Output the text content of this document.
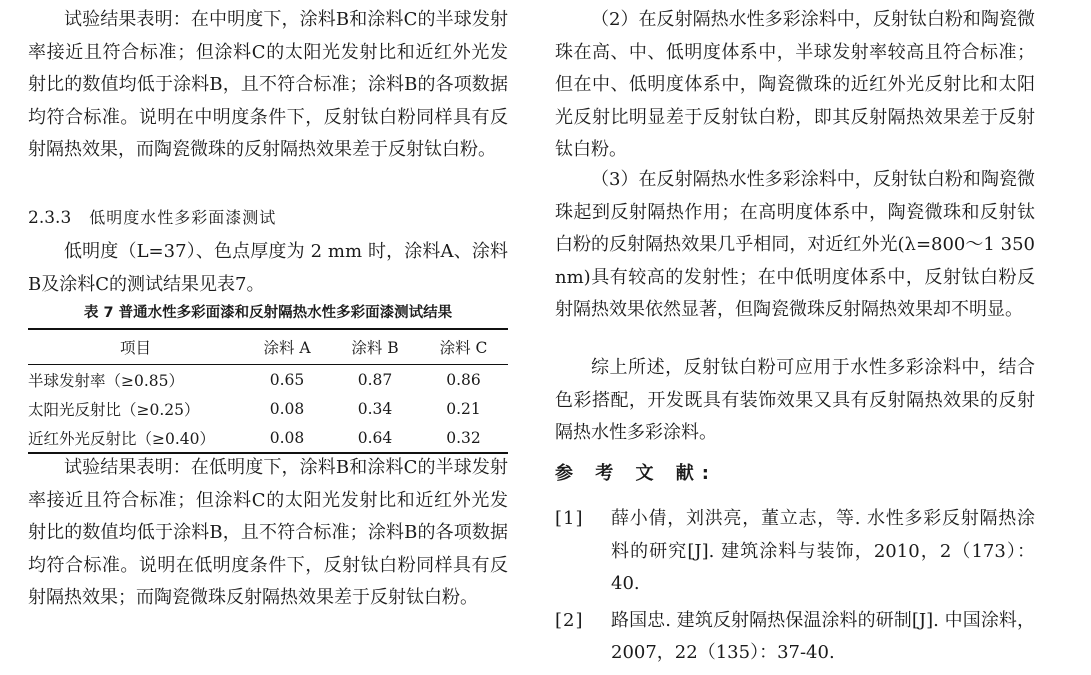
试验结果表明：在中明度下，涂料B和涂料C的半球发射率接近且符合标准；但涂料C的太阳光发射比和近红外光发射比的数值均低于涂料B，且不符合标准；涂料B的各项数据均符合标准。说明在中明度条件下，反射钛白粉同样具有反射隔热效果，而陶瓷微珠的反射隔热效果差于反射钛白粉。

2.3.3 低明度水性多彩面漆测试

低明度（L=37）、色点厚度为 2 mm 时，涂料A、涂料B及涂料C的测试结果见表7。

表 7 普通水性多彩面漆和反射隔热水性多彩面漆测试结果
项目	涂料 A	涂料 B	涂料 C
半球发射率（≥0.85）	0.65	0.87	0.86
太阳光反射比（≥0.25）	0.08	0.34	0.21
近红外光反射比（≥0.40）	0.08	0.64	0.32

试验结果表明：在低明度下，涂料B和涂料C的半球发射率接近且符合标准；但涂料C的太阳光发射比和近红外光发射比的数值均低于涂料B，且不符合标准；涂料B的各项数据均符合标准。说明在低明度条件下，反射钛白粉同样具有反射隔热效果；而陶瓷微珠反射隔热效果差于反射钛白粉。

（2）在反射隔热水性多彩涂料中，反射钛白粉和陶瓷微珠在高、中、低明度体系中，半球发射率较高且符合标准；但在中、低明度体系中，陶瓷微珠的近红外光反射比和太阳光反射比明显差于反射钛白粉，即其反射隔热效果差于反射钛白粉。

（3）在反射隔热水性多彩涂料中，反射钛白粉和陶瓷微珠起到反射隔热作用；在高明度体系中，陶瓷微珠和反射钛白粉的反射隔热效果几乎相同，对近红外光(λ=800～1 350 nm)具有较高的发射性；在中低明度体系中，反射钛白粉反射隔热效果依然显著，但陶瓷微珠反射隔热效果却不明显。

综上所述，反射钛白粉可应用于水性多彩涂料中，结合色彩搭配，开发既具有装饰效果又具有反射隔热效果的反射隔热水性多彩涂料。

参 考 文 献:
[1]	薛小倩，刘洪亮，董立志，等. 水性多彩反射隔热涂料的研究[J]. 建筑涂料与装饰，2010，2（173）：40.
[2]	路国忠. 建筑反射隔热保温涂料的研制[J]. 中国涂料，2007，22（135）：37-40.
